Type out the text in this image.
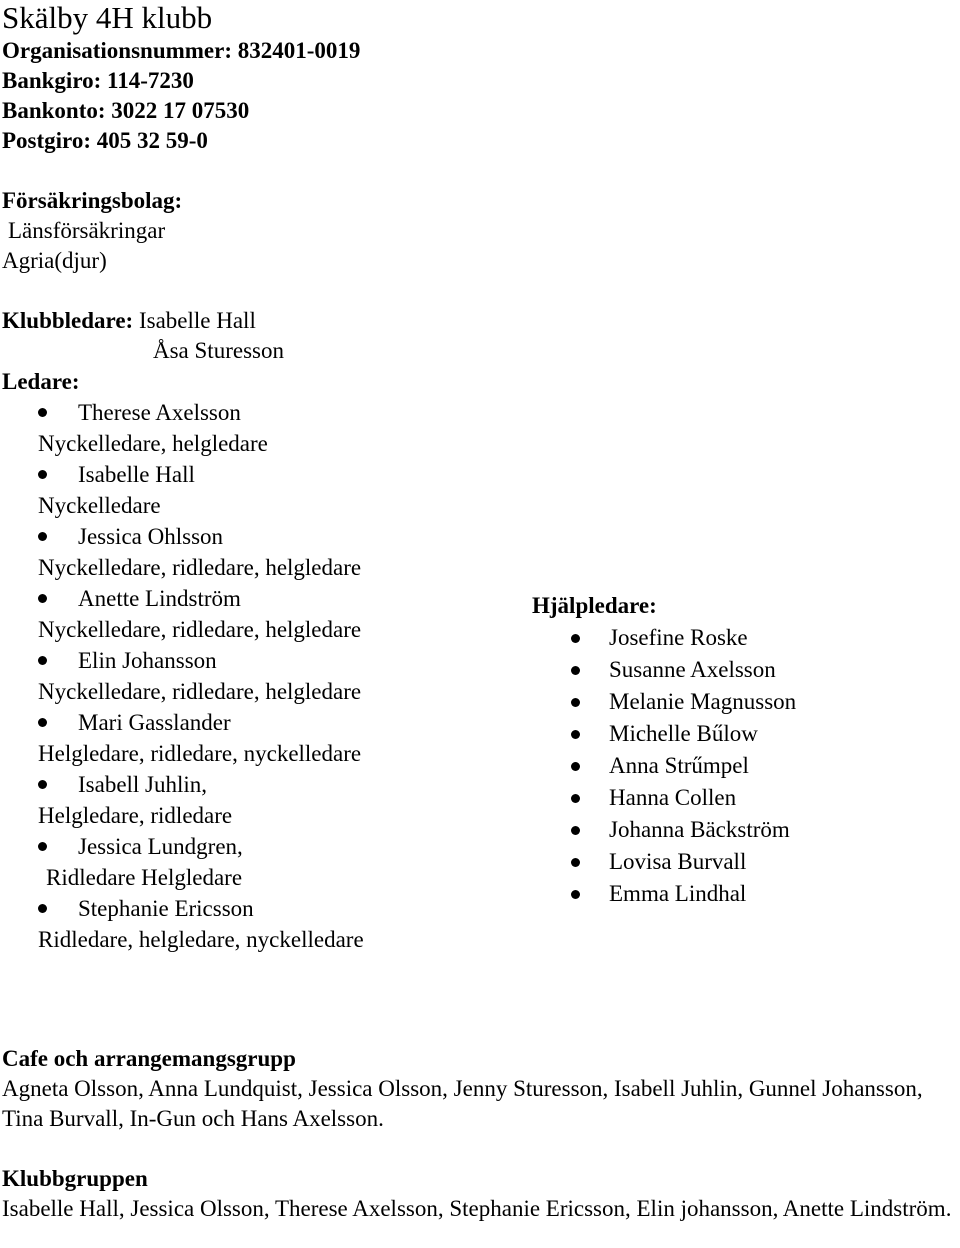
Skälby 4H klubb
Organisationsnummer: 832401-0019
Bankgiro: 114-7230
Bankonto: 3022 17 07530
Postgiro: 405 32 59-0
Försäkringsbolag:
Länsförsäkringar
Agria(djur)
Klubbledare: Isabelle Hall
Åsa Sturesson
Ledare:
Therese Axelsson
Nyckelledare, helgledare
Isabelle Hall
Nyckelledare
Jessica Ohlsson
Nyckelledare, ridledare, helgledare
Anette Lindström
Nyckelledare, ridledare, helgledare
Elin Johansson
Nyckelledare, ridledare, helgledare
Mari Gasslander
Helgledare, ridledare, nyckelledare
Isabell Juhlin,
Helgledare, ridledare
Jessica Lundgren,
Ridledare Helgledare
Stephanie Ericsson
Ridledare, helgledare, nyckelledare
Hjälpledare:
Josefine Roske
Susanne Axelsson
Melanie Magnusson
Michelle Bűlow
Anna Strűmpel
Hanna Collen
Johanna Bäckström
Lovisa Burvall
Emma Lindhal
Cafe och arrangemangsgrupp
Agneta Olsson, Anna Lundquist, Jessica Olsson, Jenny Sturesson, Isabell Juhlin, Gunnel Johansson, Tina Burvall, In-Gun och Hans Axelsson.
Klubbgruppen
Isabelle Hall, Jessica Olsson, Therese Axelsson, Stephanie Ericsson, Elin johansson, Anette Lindström.
